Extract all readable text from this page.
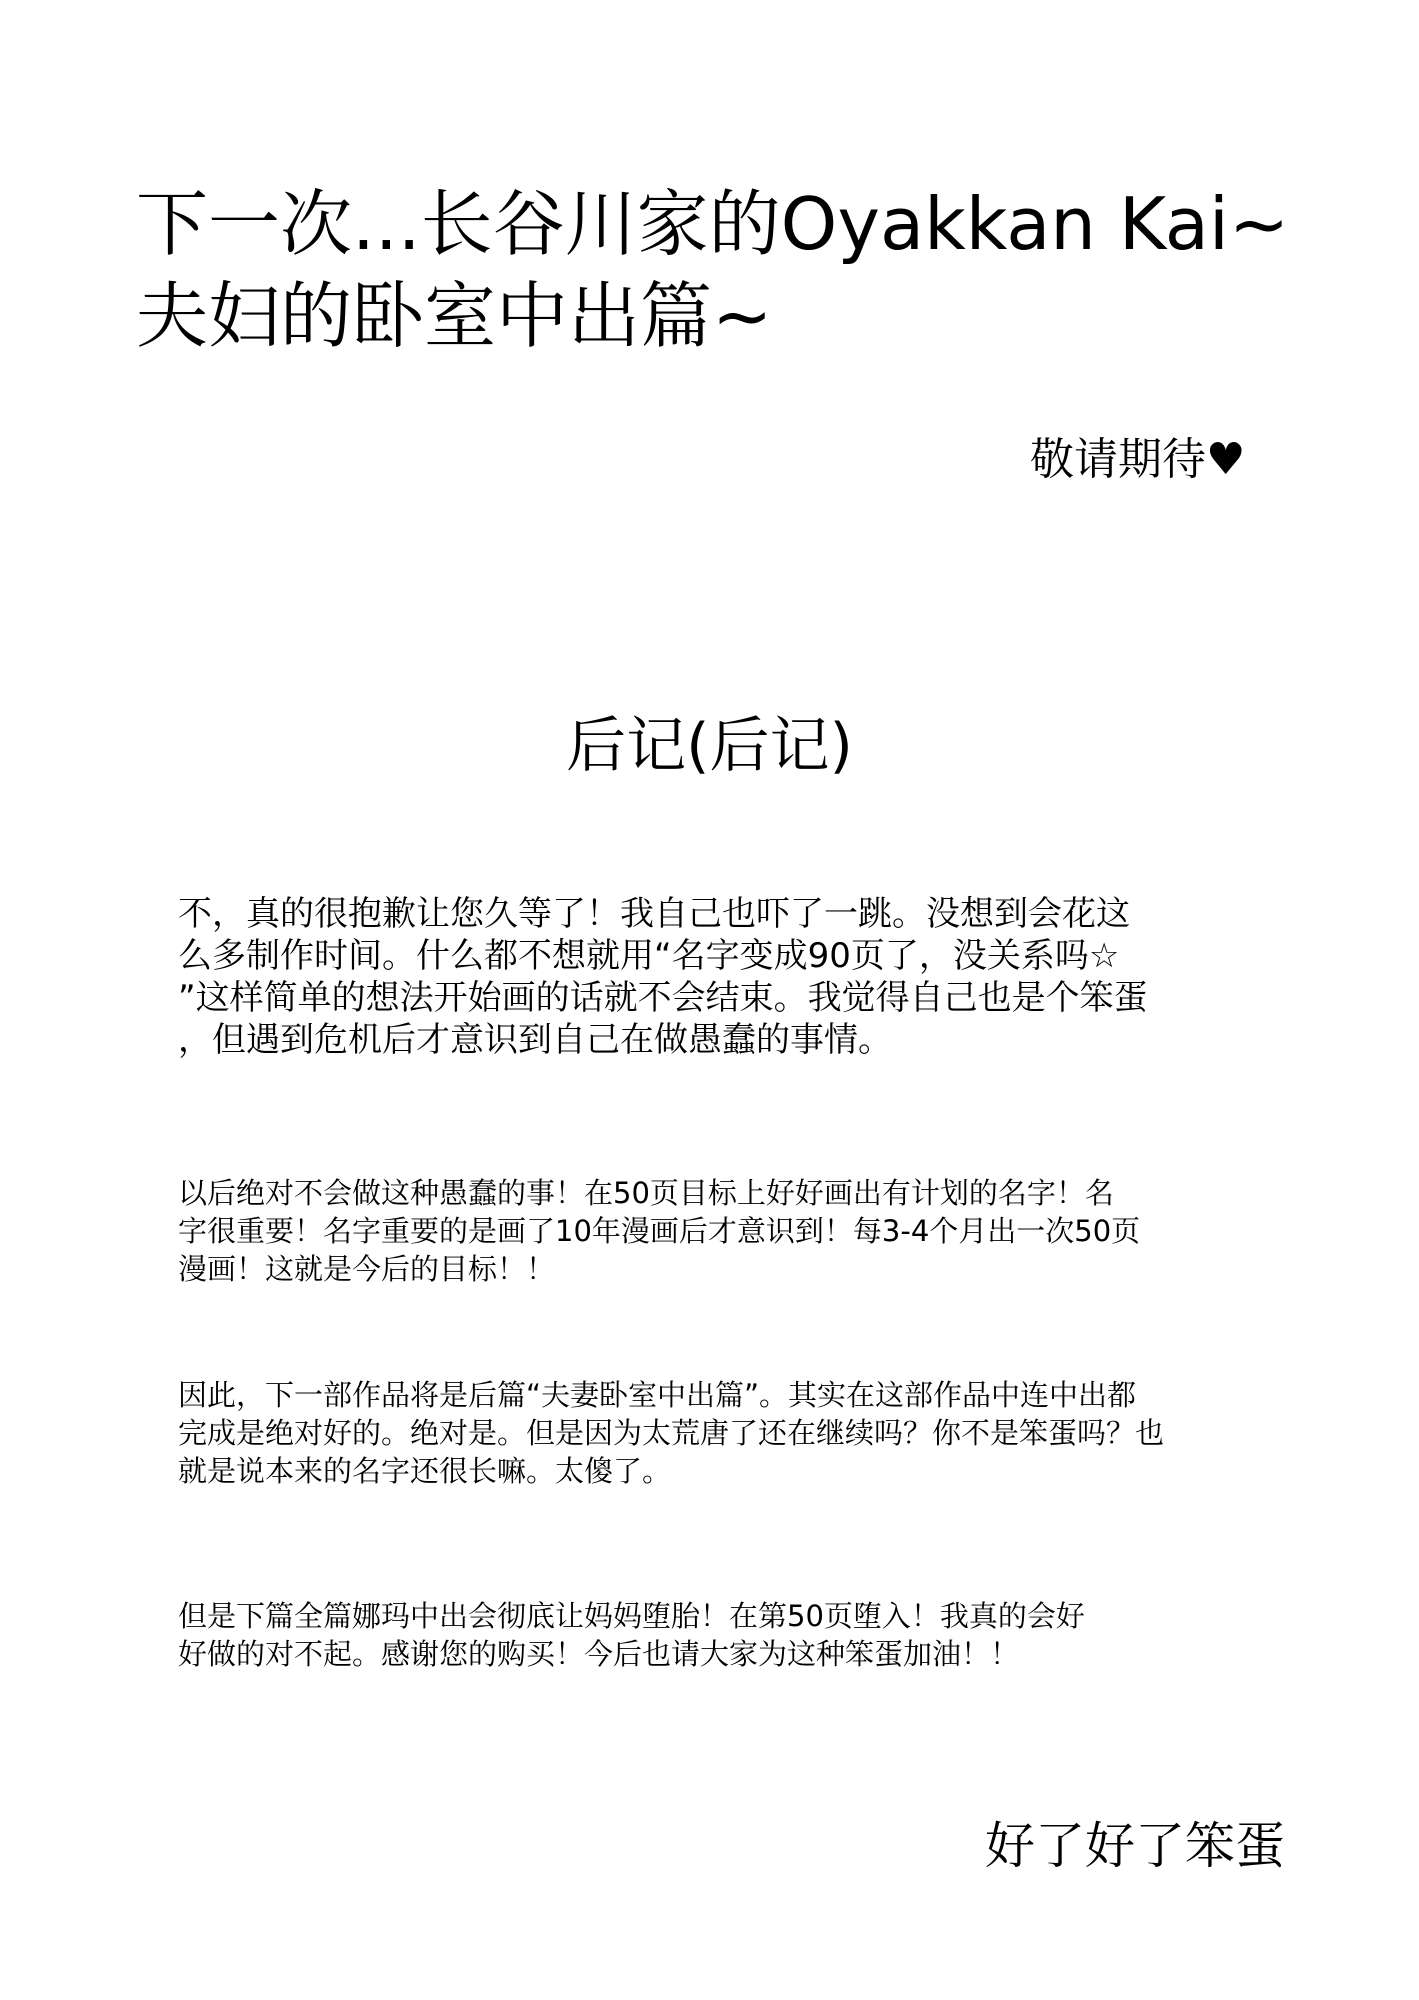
下一次...长谷川家的Oyakkan Kai~
夫妇的卧室中出篇~
敬请期待♥
后记(后记)
不，真的很抱歉让您久等了！我自己也吓了一跳。没想到会花这
么多制作时间。什么都不想就用“名字变成90页了，没关系吗☆
”这样简单的想法开始画的话就不会结束。我觉得自己也是个笨蛋
，但遇到危机后才意识到自己在做愚蠢的事情。
以后绝对不会做这种愚蠢的事！在50页目标上好好画出有计划的名字！名
字很重要！名字重要的是画了10年漫画后才意识到！每3-4个月出一次50页
漫画！这就是今后的目标！！
因此，下一部作品将是后篇“夫妻卧室中出篇”。其实在这部作品中连中出都
完成是绝对好的。绝对是。但是因为太荒唐了还在继续吗？你不是笨蛋吗？也
就是说本来的名字还很长嘛。太傻了。
但是下篇全篇娜玛中出会彻底让妈妈堕胎！在第50页堕入！我真的会好
好做的对不起。感谢您的购买！今后也请大家为这种笨蛋加油！！
好了好了笨蛋
